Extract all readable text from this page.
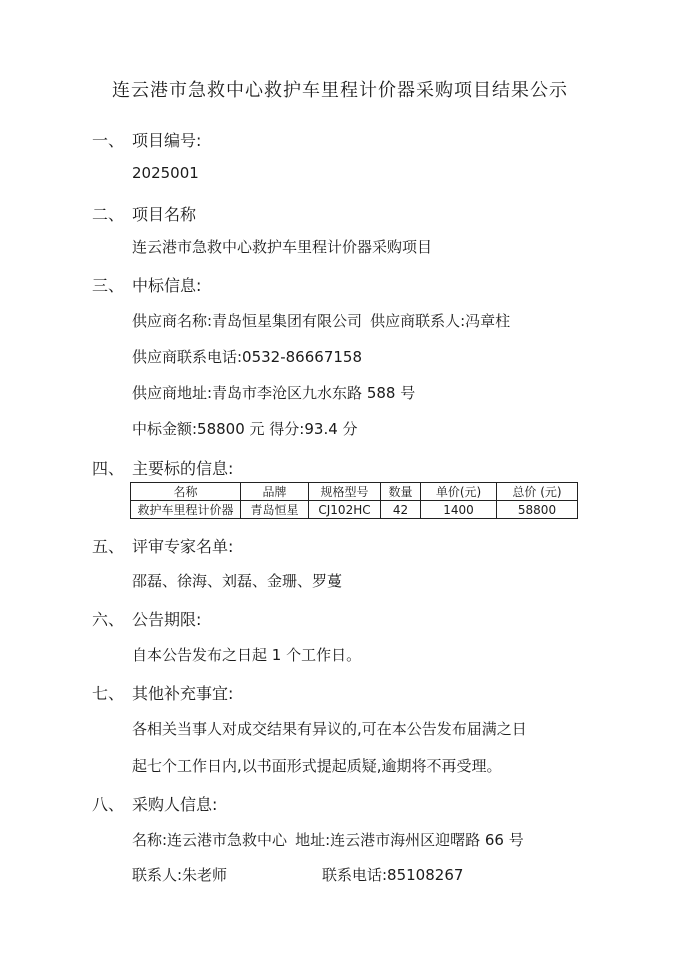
连云港市急救中心救护车里程计价器采购项目结果公示
一、 项目编号:
2025001
二、 项目名称
连云港市急救中心救护车里程计价器采购项目
三、 中标信息:
供应商名称:青岛恒星集团有限公司 供应商联系人:冯章柱
供应商联系电话:0532-86667158
供应商地址:青岛市李沧区九水东路 588 号
中标金额:58800 元 得分:93.4 分
四、 主要标的信息:
名称	品牌	规格型号	数量	单价(元)	总价 (元)
救护车里程计价器	青岛恒星	CJ102HC	42	1400	58800
五、 评审专家名单:
邵磊、徐海、刘磊、金珊、罗蔓
六、 公告期限:
自本公告发布之日起 1 个工作日。
七、 其他补充事宜:
各相关当事人对成交结果有异议的,可在本公告发布届满之日
起七个工作日内,以书面形式提起质疑,逾期将不再受理。
八、 采购人信息:
名称:连云港市急救中心 地址:连云港市海州区迎曙路 66 号
联系人:朱老师	联系电话:85108267
